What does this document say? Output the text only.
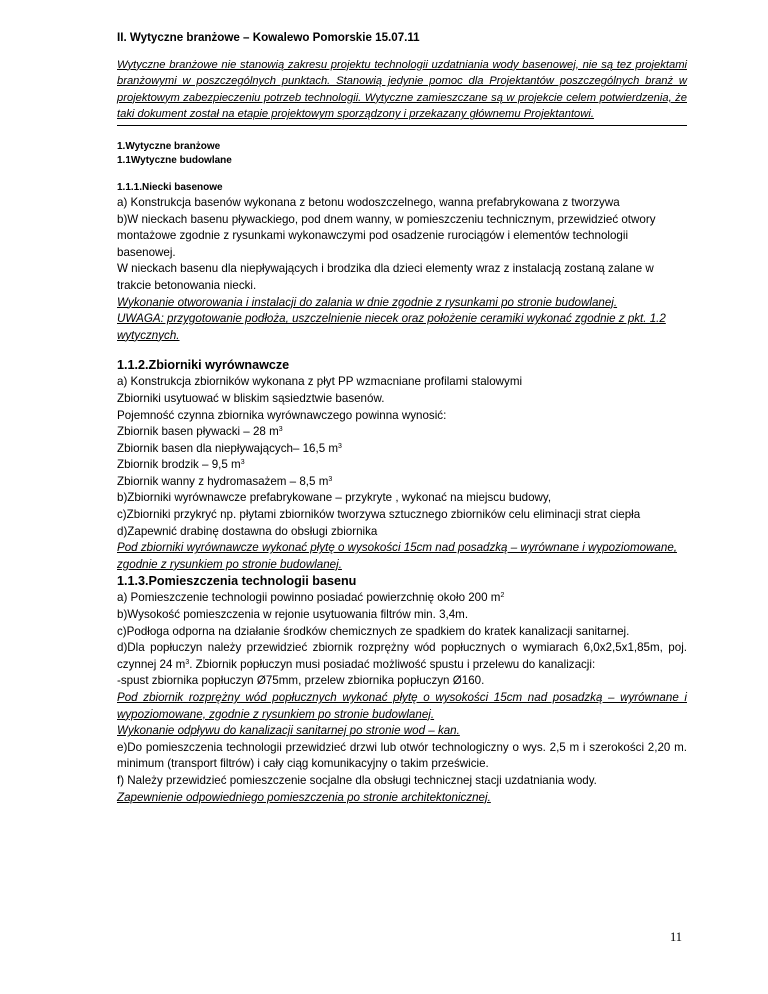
II. Wytyczne branżowe – Kowalewo Pomorskie 15.07.11

Wytyczne branżowe nie stanowią zakresu projektu technologii uzdatniania wody basenowej, nie są tez projektami branżowymi w poszczególnych punktach. Stanowią jedynie pomoc dla Projektantów poszczególnych branż w projektowym zabezpieczeniu potrzeb technologii. Wytyczne zamieszczane są w projekcie celem potwierdzenia, że taki dokument został na etapie projektowym sporządzony i przekazany głównemu Projektantowi.

1.Wytyczne branżowe

1.1Wytyczne budowlane

1.1.1.Niecki basenowe

a) Konstrukcja basenów wykonana z betonu wodoszczelnego, wanna prefabrykowana z tworzywa

b)W nieckach basenu pływackiego, pod dnem wanny, w pomieszczeniu technicznym, przewidzieć otwory montażowe zgodnie z rysunkami wykonawczymi pod osadzenie rurociągów i elementów technologii basenowej.

W nieckach basenu dla niepływających i brodzika dla dzieci elementy wraz z instalacją zostaną zalane w trakcie betonowania niecki.

Wykonanie otworowania i instalacji do zalania w dnie zgodnie z rysunkami po stronie budowlanej.

UWAGA: przygotowanie podłoża, uszczelnienie niecek oraz położenie ceramiki wykonać zgodnie z pkt. 1.2 wytycznych.

1.1.2.Zbiorniki wyrównawcze

a) Konstrukcja zbiorników wykonana z płyt PP wzmacniane profilami stalowymi

Zbiorniki usytuować w bliskim sąsiedztwie basenów.

Pojemność czynna zbiornika wyrównawczego powinna wynosić:

Zbiornik basen pływacki – 28 $m^3$

Zbiornik basen dla niepływających– 16,5 $m^3$

Zbiornik brodzik – 9,5 $m^3$

Zbiornik wanny z hydromasażem – 8,5 $m^3$

b)Zbiorniki wyrównawcze prefabrykowane – przykryte , wykonać na miejscu budowy,

c)Zbiorniki przykryć np. płytami zbiorników tworzywa sztucznego zbiorników celu eliminacji strat ciepła

d)Zapewnić drabinę dostawna do obsługi zbiornika

Pod zbiorniki wyrównawcze wykonać płytę o wysokości 15cm nad posadzką – wyrównane i wypoziomowane, zgodnie z rysunkiem po stronie budowlanej.

1.1.3.Pomieszczenia technologii basenu

a) Pomieszczenie technologii powinno posiadać powierzchnię około 200 $m^2$

b)Wysokość pomieszczenia w rejonie usytuowania filtrów min. 3,4m.

c)Podłoga odporna na działanie środków chemicznych ze spadkiem do kratek kanalizacji sanitarnej.

d)Dla popłuczyn należy przewidzieć zbiornik rozprężny wód popłucznych o wymiarach 6,0x2,5x1,85m, poj. czynnej 24 $m^3$. Zbiornik popłuczyn musi posiadać możliwość spustu i przelewu do kanalizacji:

-spust zbiornika popłuczyn Ø75mm, przelew zbiornika popłuczyn Ø160.

Pod zbiornik rozprężny wód popłucznych wykonać płytę o wysokości 15cm nad posadzką – wyrównane i wypoziomowane, zgodnie z rysunkiem po stronie budowlanej.

Wykonanie odpływu do kanalizacji sanitarnej po stronie wod – kan.

e)Do pomieszczenia technologii przewidzieć drzwi lub otwór technologiczny o wys. 2,5 m i szerokości 2,20 m. minimum (transport filtrów) i cały ciąg komunikacyjny o takim prześwicie.

f) Należy przewidzieć pomieszczenie socjalne dla obsługi technicznej stacji uzdatniania wody.

Zapewnienie odpowiedniego pomieszczenia po stronie architektonicznej.

11
